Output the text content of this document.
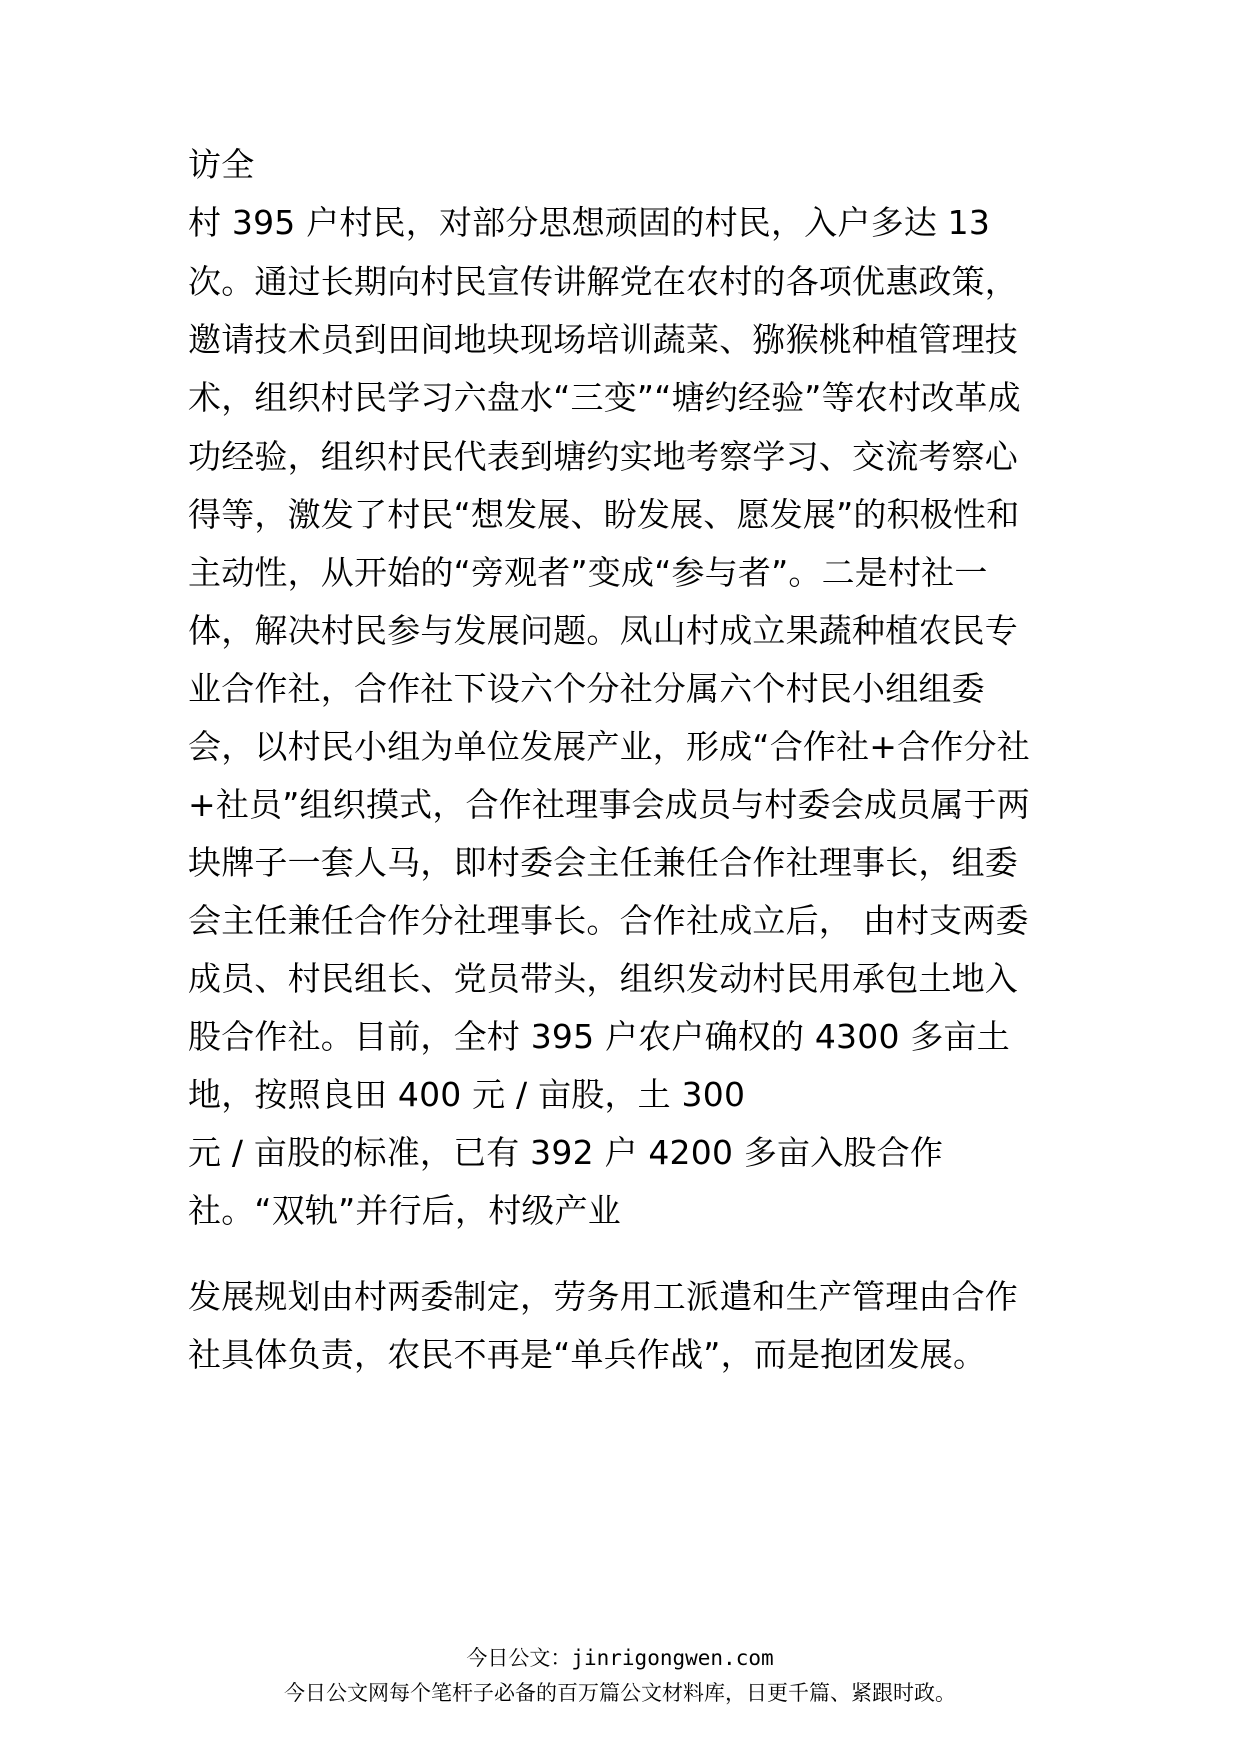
访全
村 395 户村民，对部分思想顽固的村民，入户多达 13
次。通过长期向村民宣传讲解党在农村的各项优惠政策，
邀请技术员到田间地块现场培训蔬菜、猕猴桃种植管理技
术，组织村民学习六盘水“三变”“塘约经验”等农村改革成
功经验，组织村民代表到塘约实地考察学习、交流考察心
得等，激发了村民“想发展、盼发展、愿发展”的积极性和
主动性，从开始的“旁观者”变成“参与者”。二是村社一
体，解决村民参与发展问题。凤山村成立果蔬种植农民专
业合作社，合作社下设六个分社分属六个村民小组组委
会，以村民小组为单位发展产业，形成“合作社+合作分社
+社员”组织摸式，合作社理事会成员与村委会成员属于两
块牌子一套人马，即村委会主任兼任合作社理事长，组委
会主任兼任合作分社理事长。合作社成立后， 由村支两委
成员、村民组长、党员带头，组织发动村民用承包土地入
股合作社。目前，全村 395 户农户确权的 4300 多亩土
地，按照良田 400 元 / 亩股，土 300
元 / 亩股的标准，已有 392 户 4200 多亩入股合作
社。“双轨”并行后，村级产业
发展规划由村两委制定，劳务用工派遣和生产管理由合作
社具体负责，农民不再是“单兵作战”，而是抱团发展。
今日公文：jinrigongwen.com
今日公文网每个笔杆子必备的百万篇公文材料库，日更千篇、紧跟时政。
